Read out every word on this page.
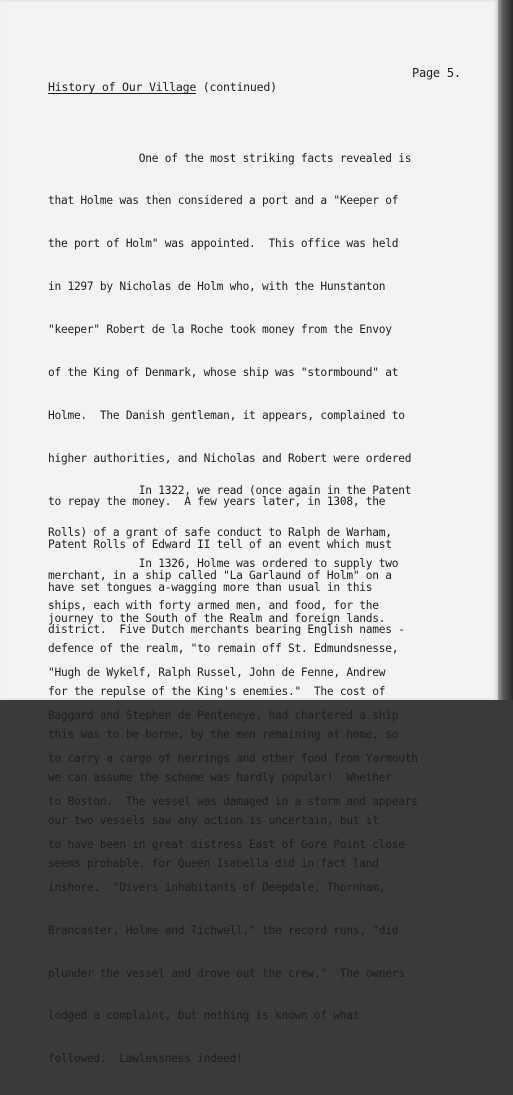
Page 5.
History of Our Village (continued)

One of the most striking facts revealed is

that Holme was then considered a port and a "Keeper of

the port of Holm" was appointed.  This office was held

in 1297 by Nicholas de Holm who, with the Hunstanton

"keeper" Robert de la Roche took money from the Envoy

of the King of Denmark, whose ship was "stormbound" at

Holme.  The Danish gentleman, it appears, complained to

higher authorities, and Nicholas and Robert were ordered

to repay the money.  A few years later, in 1308, the

Patent Rolls of Edward II tell of an event which must

have set tongues a-wagging more than usual in this

district.  Five Dutch merchants bearing English names -

"Hugh de Wykelf, Ralph Russel, John de Fenne, Andrew

Baggard and Stephen de Penteneye, had chartered a ship

to carry a cargo of herrings and other food from Yarmouth

to Boston.  The vessel was damaged in a storm and appears

to have been in great distress East of Gore Point close

inshore.  "Divers inhabitants of Deepdale, Thornham,

Brancaster, Holme and Tichwell," the record runs, "did

plunder the vessel and drove out the crew."  The owners

lodged a complaint, but nothing is known of what

followed.  Lawlessness indeed!

In 1322, we read (once again in the Patent

Rolls) of a grant of safe conduct to Ralph de Warham,

merchant, in a ship called "La Garlaund of Holm" on a

journey to the South of the Realm and foreign lands.

In 1326, Holme was ordered to supply two

ships, each with forty armed men, and food, for the

defence of the realm, "to remain off St. Edmundsnesse,

for the repulse of the King's enemies."  The cost of

this was to be borne, by the men remaining at home, so

we can assume the scheme was hardly popular!  Whether

our two vessels saw any action is uncertain, but it

seems probable, for Queen Isabella did in fact land
